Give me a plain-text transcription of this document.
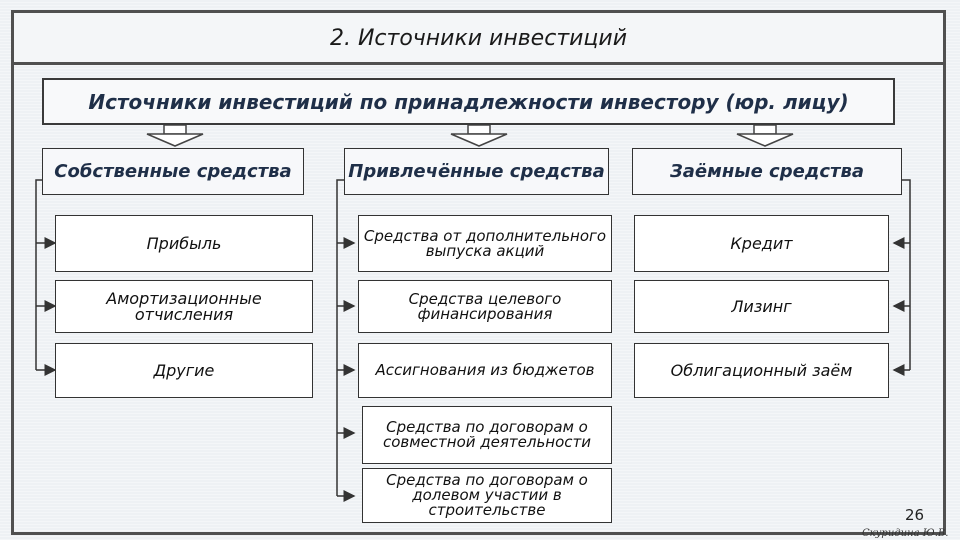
2. Источники инвестиций
Источники инвестиций по принадлежности инвестору (юр. лицу)
Собственные средства	Привлечённые средства	Заёмные средства
Прибыль
Амортизационные отчисления
Другие
Средства от дополнительного выпуска акций
Средства целевого финансирования
Ассигнования из бюджетов
Средства по договорам о совместной деятельности
Средства по договорам о долевом участии в строительстве
Кредит
Лизинг
Облигационный заём
26
Скуридина Ю.В.
